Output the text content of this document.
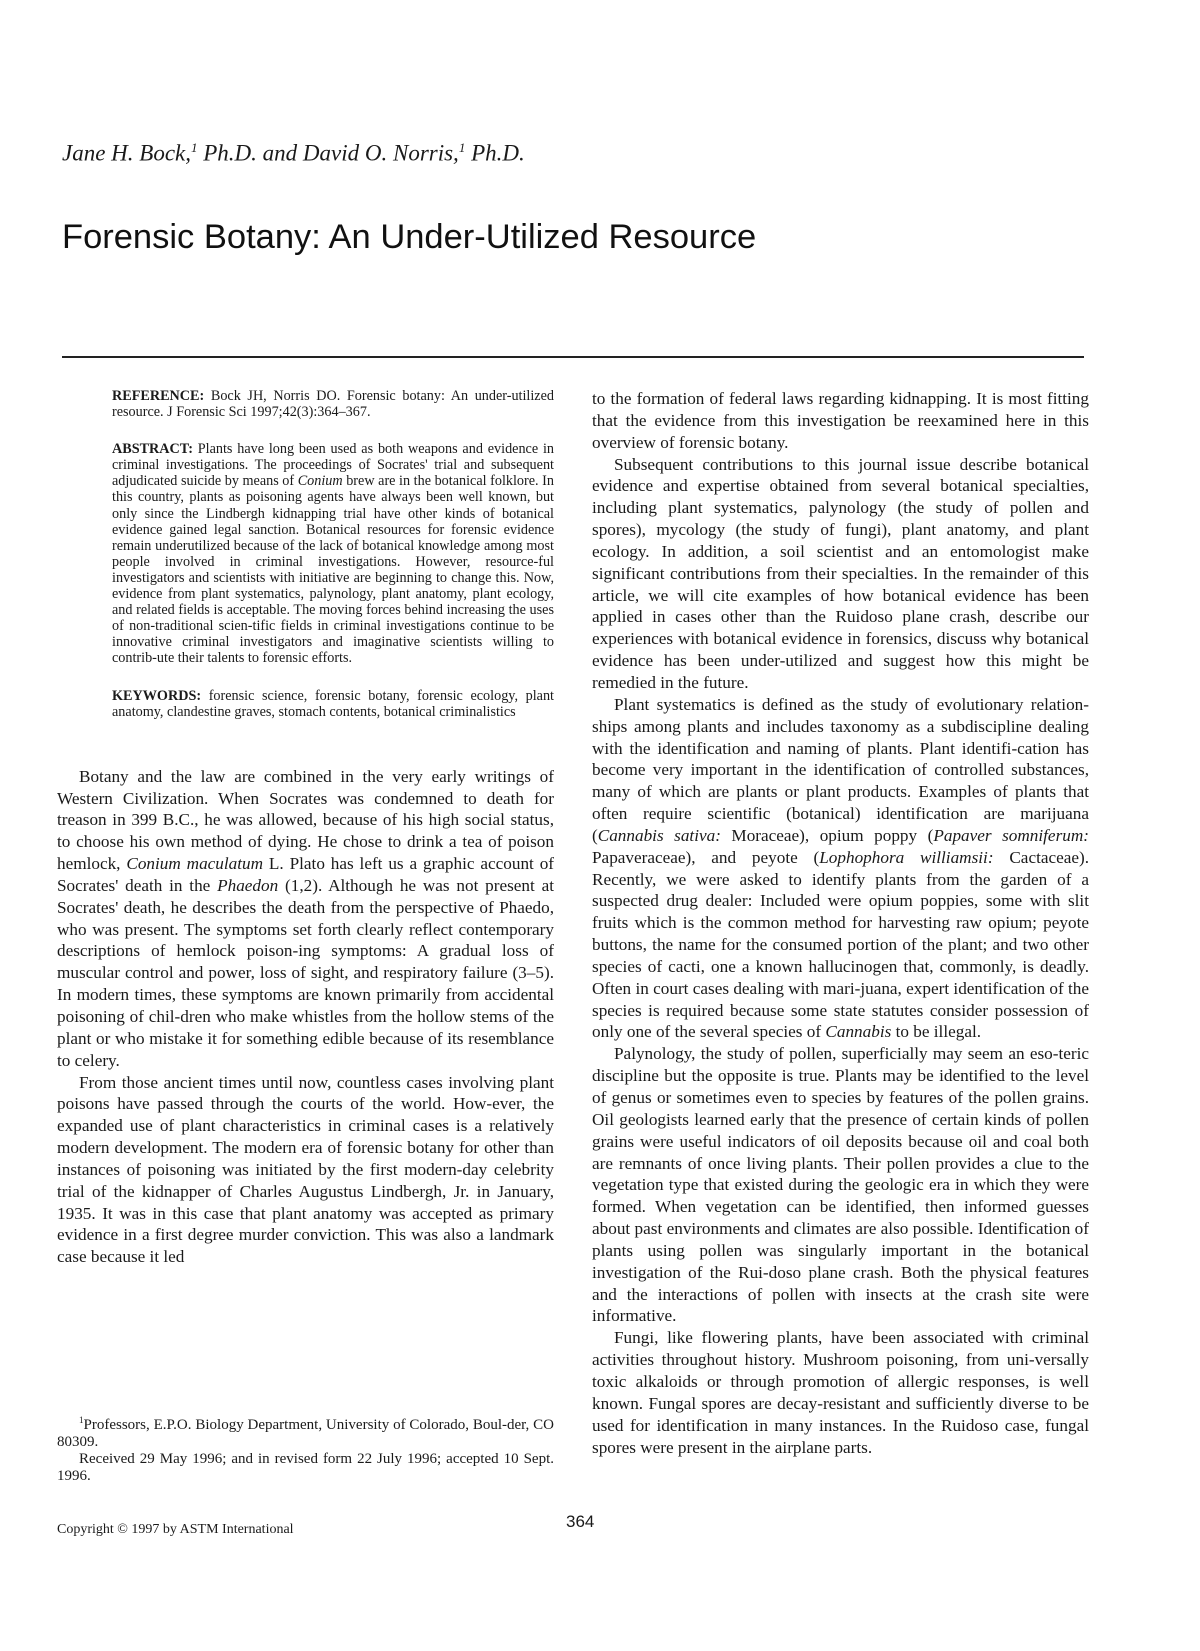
Jane H. Bock,$^1$ Ph.D. and David O. Norris,$^1$ Ph.D.
Forensic Botany: An Under-Utilized Resource

REFERENCE: Bock JH, Norris DO. Forensic botany: An under-utilized resource. J Forensic Sci 1997;42(3):364–367.

ABSTRACT: Plants have long been used as both weapons and evidence in criminal investigations. The proceedings of Socrates' trial and subsequent adjudicated suicide by means of Conium brew are in the botanical folklore. In this country, plants as poisoning agents have always been well known, but only since the Lindbergh kidnapping trial have other kinds of botanical evidence gained legal sanction. Botanical resources for forensic evidence remain underutilized because of the lack of botanical knowledge among most people involved in criminal investigations. However, resource-ful investigators and scientists with initiative are beginning to change this. Now, evidence from plant systematics, palynology, plant anatomy, plant ecology, and related fields is acceptable. The moving forces behind increasing the uses of non-traditional scien-tific fields in criminal investigations continue to be innovative criminal investigators and imaginative scientists willing to contrib-ute their talents to forensic efforts.

KEYWORDS: forensic science, forensic botany, forensic ecology, plant anatomy, clandestine graves, stomach contents, botanical criminalistics

Botany and the law are combined in the very early writings of Western Civilization. When Socrates was condemned to death for treason in 399 B.C., he was allowed, because of his high social status, to choose his own method of dying. He chose to drink a tea of poison hemlock, Conium maculatum L. Plato has left us a graphic account of Socrates' death in the Phaedon (1,2). Although he was not present at Socrates' death, he describes the death from the perspective of Phaedo, who was present. The symptoms set forth clearly reflect contemporary descriptions of hemlock poison-ing symptoms: A gradual loss of muscular control and power, loss of sight, and respiratory failure (3–5). In modern times, these symptoms are known primarily from accidental poisoning of chil-dren who make whistles from the hollow stems of the plant or who mistake it for something edible because of its resemblance to celery.

From those ancient times until now, countless cases involving plant poisons have passed through the courts of the world. How-ever, the expanded use of plant characteristics in criminal cases is a relatively modern development. The modern era of forensic botany for other than instances of poisoning was initiated by the first modern-day celebrity trial of the kidnapper of Charles Augustus Lindbergh, Jr. in January, 1935. It was in this case that plant anatomy was accepted as primary evidence in a first degree murder conviction. This was also a landmark case because it led

to the formation of federal laws regarding kidnapping. It is most fitting that the evidence from this investigation be reexamined here in this overview of forensic botany.

Subsequent contributions to this journal issue describe botanical evidence and expertise obtained from several botanical specialties, including plant systematics, palynology (the study of pollen and spores), mycology (the study of fungi), plant anatomy, and plant ecology. In addition, a soil scientist and an entomologist make significant contributions from their specialties. In the remainder of this article, we will cite examples of how botanical evidence has been applied in cases other than the Ruidoso plane crash, describe our experiences with botanical evidence in forensics, discuss why botanical evidence has been under-utilized and suggest how this might be remedied in the future.

Plant systematics is defined as the study of evolutionary relation-ships among plants and includes taxonomy as a subdiscipline dealing with the identification and naming of plants. Plant identifi-cation has become very important in the identification of controlled substances, many of which are plants or plant products. Examples of plants that often require scientific (botanical) identification are marijuana (Cannabis sativa: Moraceae), opium poppy (Papaver somniferum: Papaveraceae), and peyote (Lophophora williamsii: Cactaceae). Recently, we were asked to identify plants from the garden of a suspected drug dealer: Included were opium poppies, some with slit fruits which is the common method for harvesting raw opium; peyote buttons, the name for the consumed portion of the plant; and two other species of cacti, one a known hallucinogen that, commonly, is deadly. Often in court cases dealing with mari-juana, expert identification of the species is required because some state statutes consider possession of only one of the several species of Cannabis to be illegal.

Palynology, the study of pollen, superficially may seem an eso-teric discipline but the opposite is true. Plants may be identified to the level of genus or sometimes even to species by features of the pollen grains. Oil geologists learned early that the presence of certain kinds of pollen grains were useful indicators of oil deposits because oil and coal both are remnants of once living plants. Their pollen provides a clue to the vegetation type that existed during the geologic era in which they were formed. When vegetation can be identified, then informed guesses about past environments and climates are also possible. Identification of plants using pollen was singularly important in the botanical investigation of the Rui-doso plane crash. Both the physical features and the interactions of pollen with insects at the crash site were informative.

Fungi, like flowering plants, have been associated with criminal activities throughout history. Mushroom poisoning, from uni-versally toxic alkaloids or through promotion of allergic responses, is well known. Fungal spores are decay-resistant and sufficiently diverse to be used for identification in many instances. In the Ruidoso case, fungal spores were present in the airplane parts.

$^1$Professors, E.P.O. Biology Department, University of Colorado, Boul-der, CO 80309.

Received 29 May 1996; and in revised form 22 July 1996; accepted 10 Sept. 1996.

Copyright © 1997 by ASTM International	364
